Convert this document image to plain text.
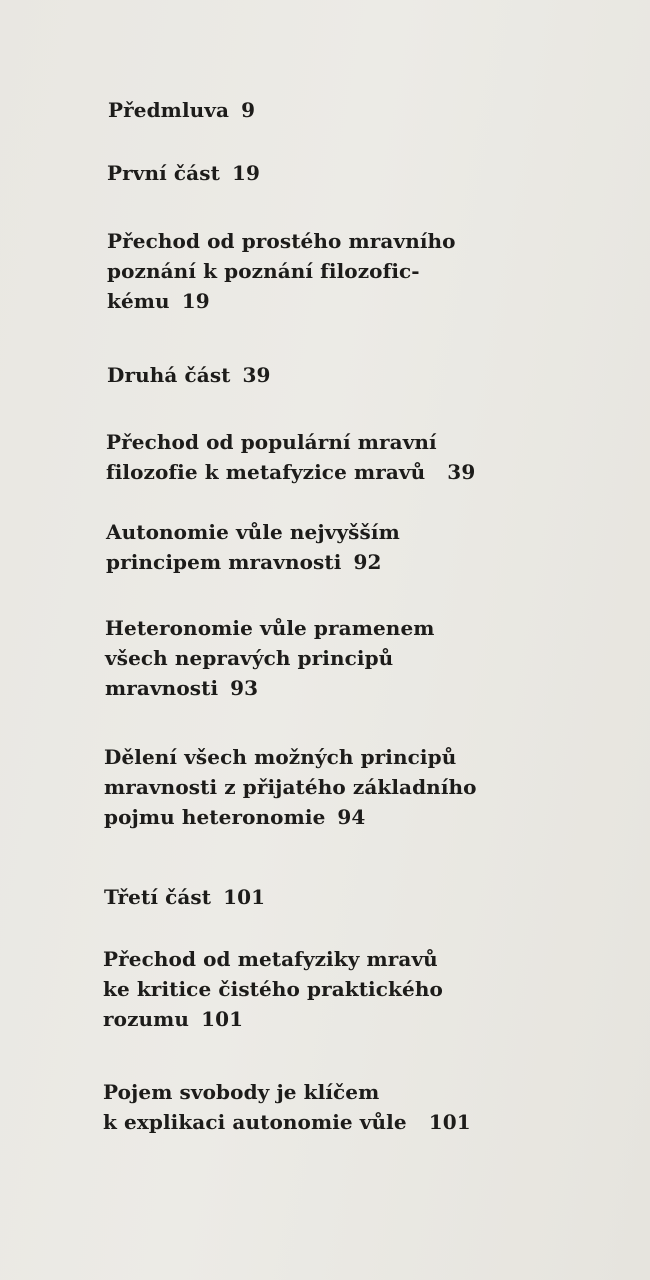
Předmluva 9
První část 19
Přechod od prostého mravního
poznání k poznání filozofic-
kému 19
Druhá část 39
Přechod od populární mravní
filozofie k metafyzice mravů 39
Autonomie vůle nejvyšším
principem mravnosti 92
Heteronomie vůle pramenem
všech nepravých principů
mravnosti 93
Dělení všech možných principů
mravnosti z přijatého základního
pojmu heteronomie 94
Třetí část 101
Přechod od metafyziky mravů
ke kritice čistého praktického
rozumu 101
Pojem svobody je klíčem
k explikaci autonomie vůle 101
